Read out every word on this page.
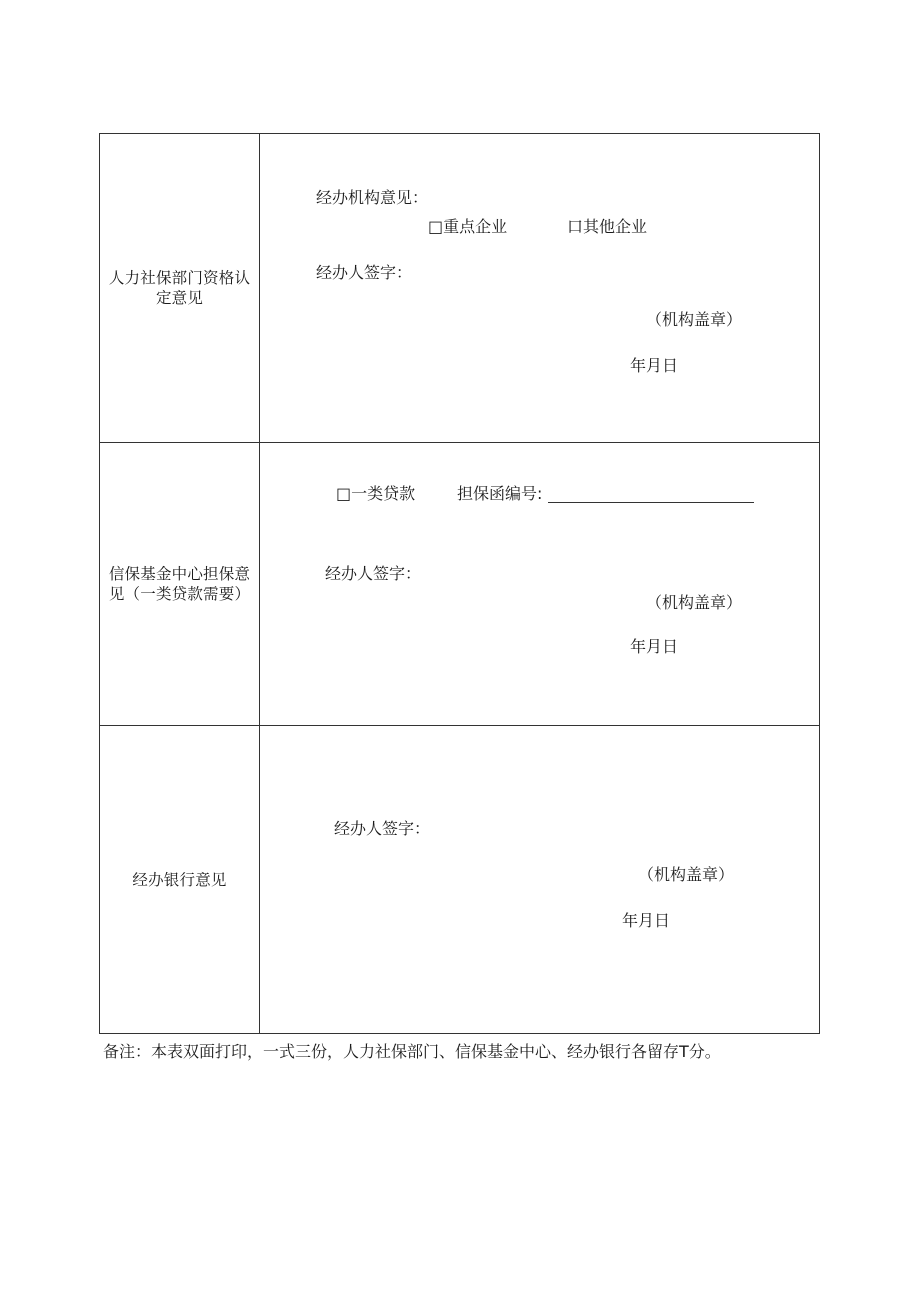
人力社保部门资格认
定意见
经办机构意见：
□重点企业	口其他企业
经办人签字：
（机构盖章）
年月日
信保基金中心担保意
见（一类贷款需要）
□一类贷款	担保函编号:
经办人签字：
（机构盖章）
年月日
经办银行意见
经办人签字：
（机构盖章）
年月日
备注：本表双面打印，一式三份，人力社保部门、信保基金中心、经办银行各留存T分。
